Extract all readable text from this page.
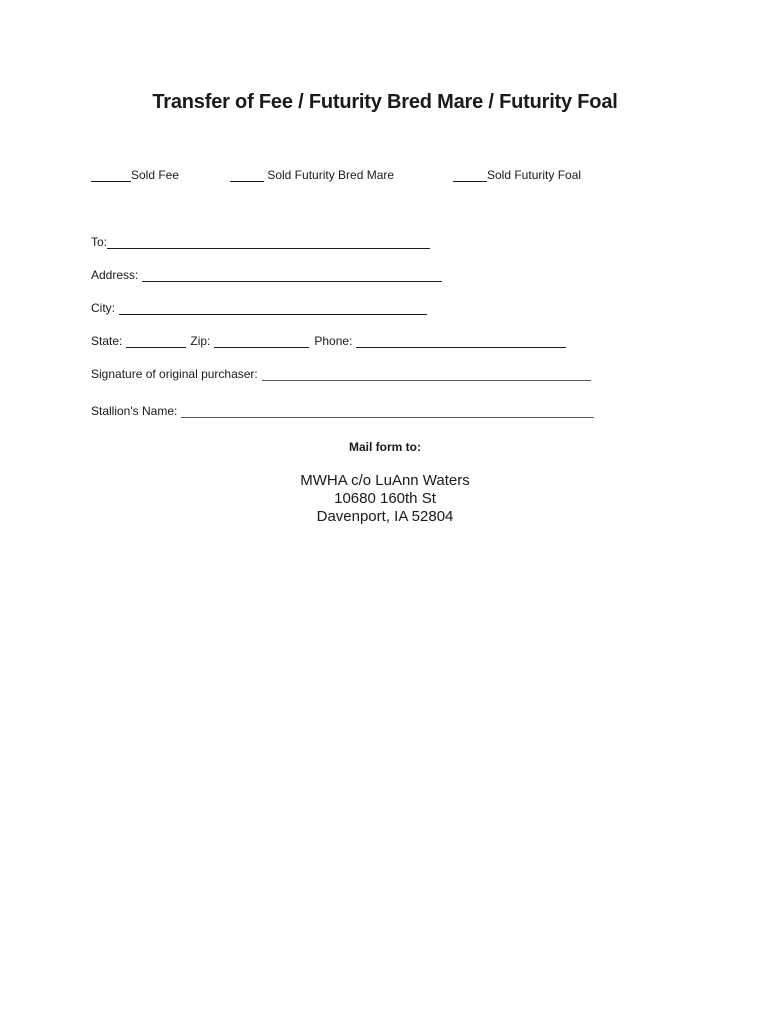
Transfer of Fee / Futurity Bred Mare / Futurity Foal
Sold Fee	Sold Futurity Bred Mare	Sold Futurity Foal
To:
Address:
City:
State:	Zip:	Phone:
Signature of original purchaser:
Stallion's Name:
Mail form to:
MWHA c/o LuAnn Waters
10680 160th St
Davenport, IA 52804
